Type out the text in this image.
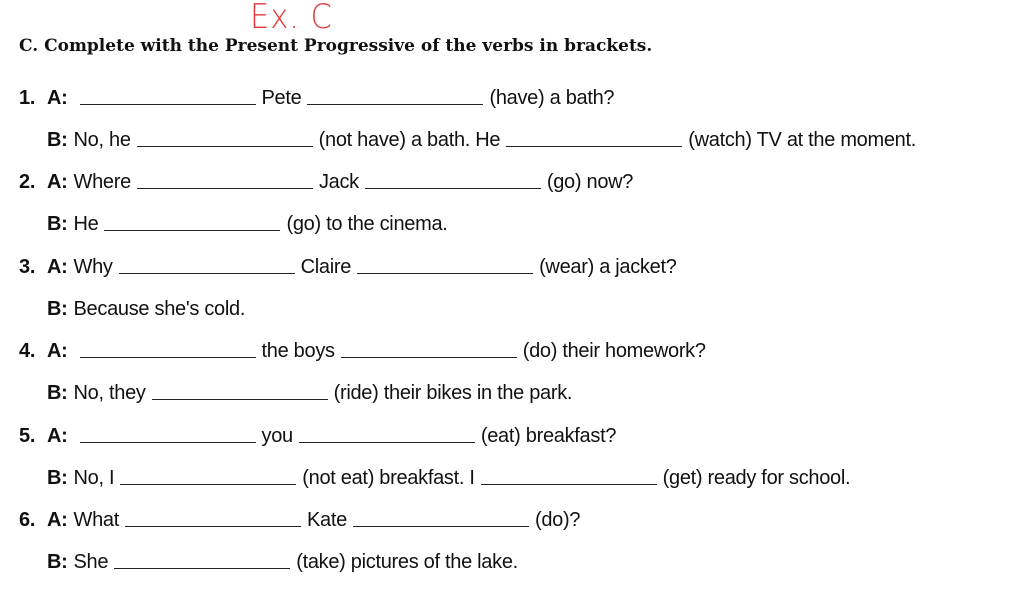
Ex. C
C. Complete with the Present Progressive of the verbs in brackets.
1. A:	Pete	(have) a bath?
B: No, he	(not have) a bath. He	(watch) TV at the moment.
2. A: Where	Jack	(go) now?
B: He	(go) to the cinema.
3. A: Why	Claire	(wear) a jacket?
B: Because she's cold.
4. A:	the boys	(do) their homework?
B: No, they	(ride) their bikes in the park.
5. A:	you	(eat) breakfast?
B: No, I	(not eat) breakfast. I	(get) ready for school.
6. A: What	Kate	(do)?
B: She	(take) pictures of the lake.
